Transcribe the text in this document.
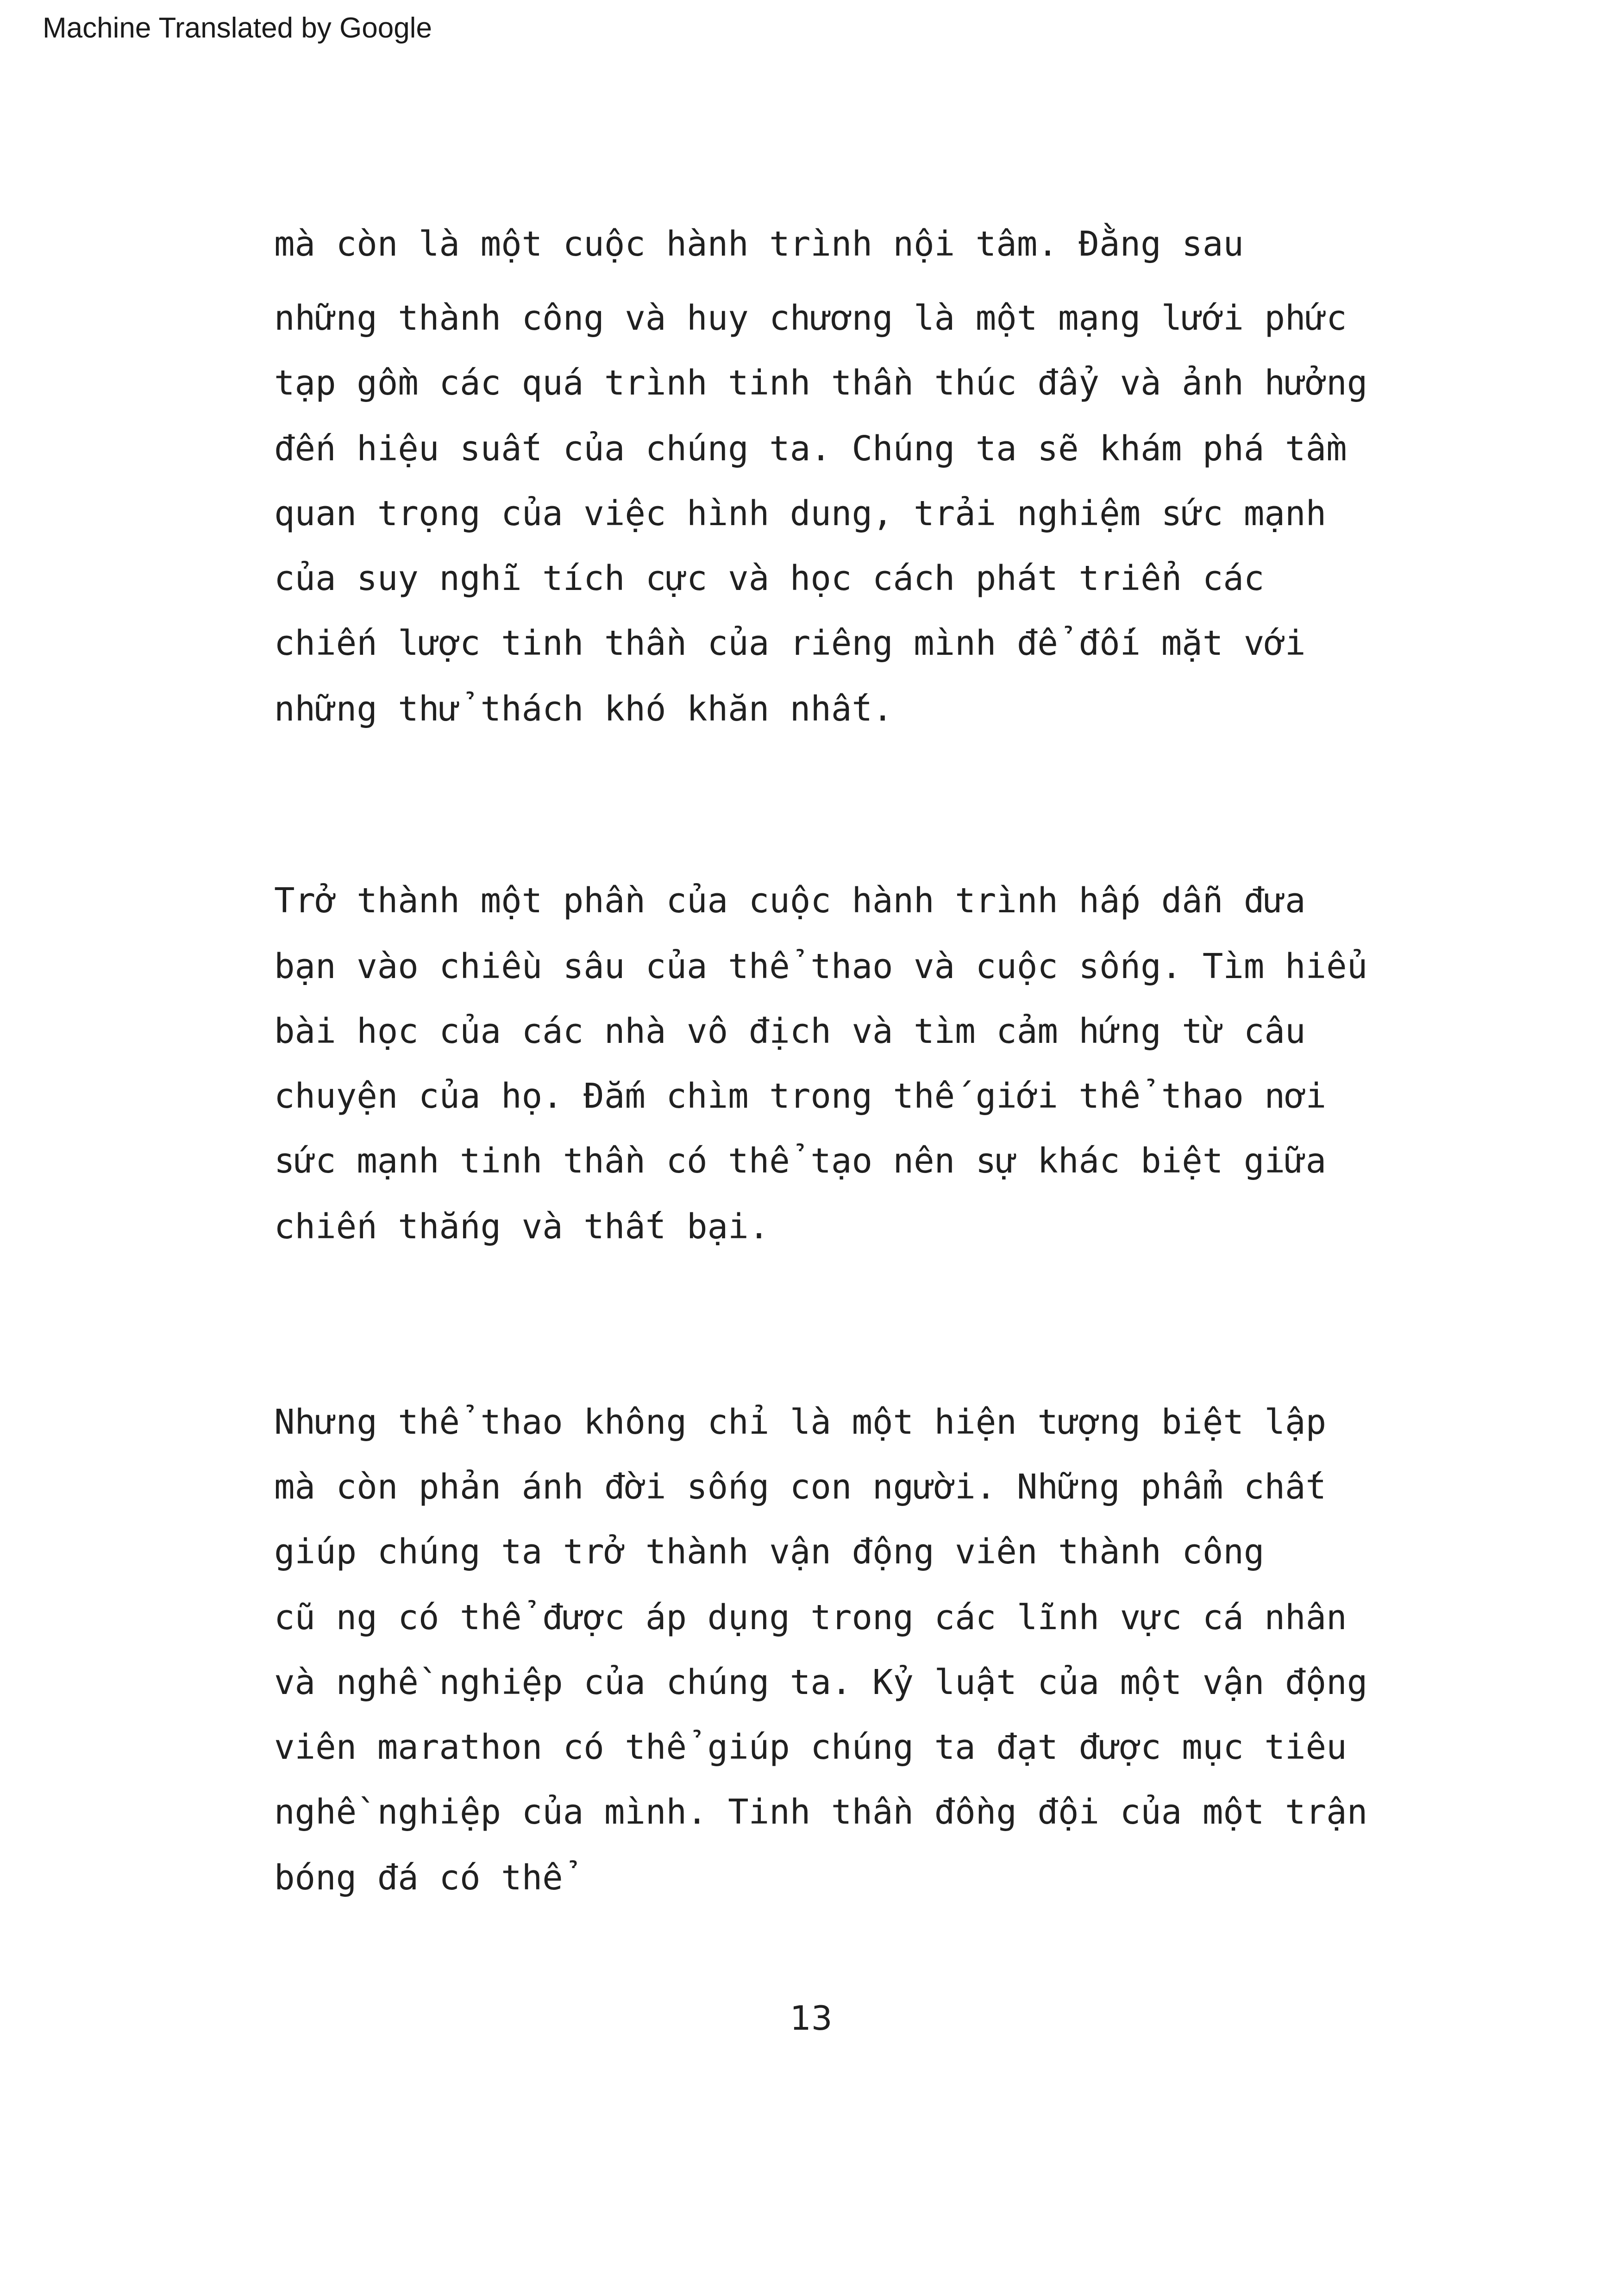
Machine Translated by Google
mà còn là một cuộc hành trình nội tâm. Đằng sau
những thành công và huy chương là một mạng lưới phức
tạp gồm các quá trình tinh thần thúc đẩy và ảnh hưởng
đến hiệu suất của chúng ta. Chúng ta sẽ khám phá tầm
quan trọng của việc hình dung, trải nghiệm sức mạnh
của suy nghĩ tích cực và học cách phát triển các
chiến lược tinh thần của riêng mình để đối mặt với
những thử thách khó khăn nhất.
Trở thành một phần của cuộc hành trình hấp dẫn đưa
bạn vào chiều sâu của thể thao và cuộc sống. Tìm hiểu
bài học của các nhà vô địch và tìm cảm hứng từ câu
chuyện của họ. Đắm chìm trong thế giới thể thao nơi
sức mạnh tinh thần có thể tạo nên sự khác biệt giữa
chiến thắng và thất bại.
Nhưng thể thao không chỉ là một hiện tượng biệt lập
mà còn phản ánh đời sống con người. Những phẩm chất
giúp chúng ta trở thành vận động viên thành công
cũ ng có thể được áp dụng trong các lĩnh vực cá nhân
và nghề nghiệp của chúng ta. Kỷ luật của một vận động
viên marathon có thể giúp chúng ta đạt được mục tiêu
nghề nghiệp của mình. Tinh thần đồng đội của một trận
bóng đá có thể
13
